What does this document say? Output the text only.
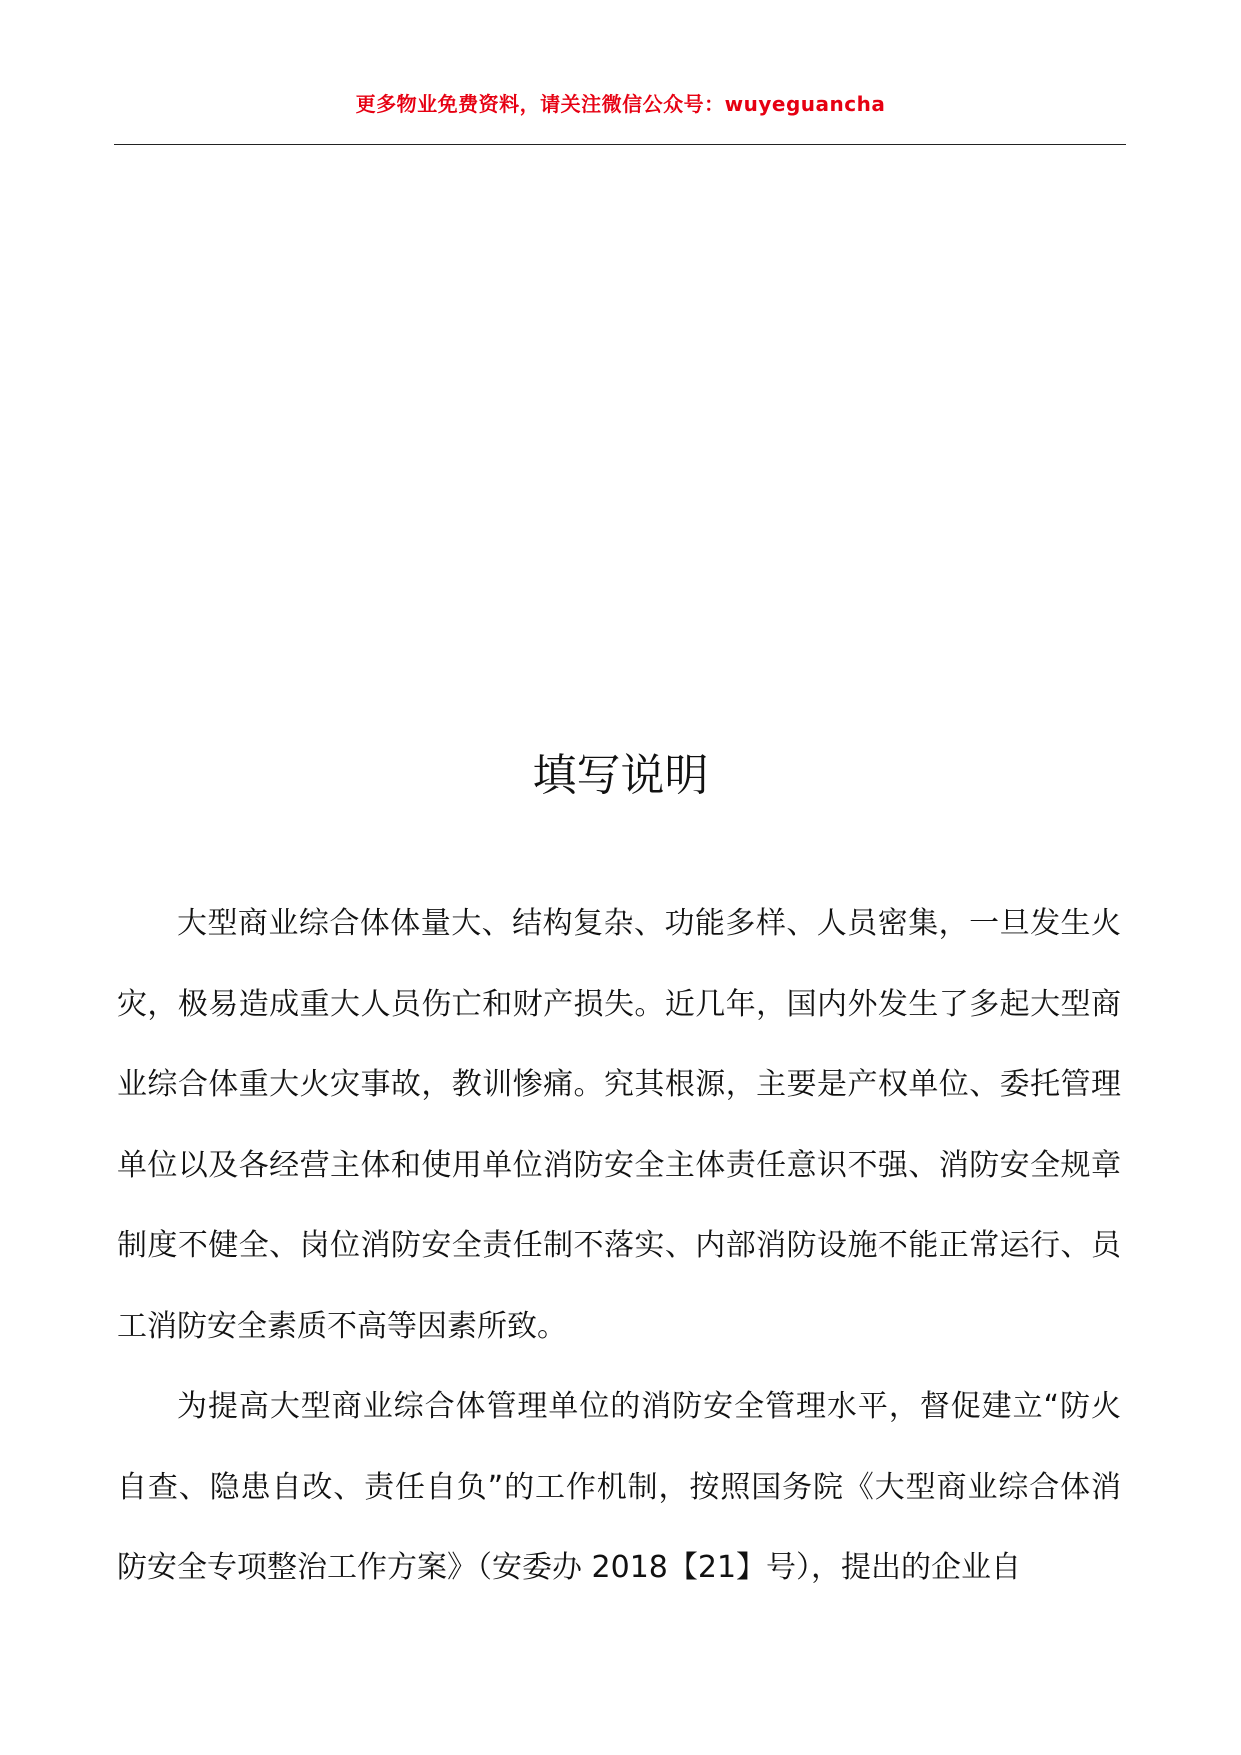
更多物业免费资料，请关注微信公众号：wuyeguancha
填写说明

大型商业综合体体量大、结构复杂、功能多样、人员密集，一旦发生火灾，极易造成重大人员伤亡和财产损失。近几年，国内外发生了多起大型商业综合体重大火灾事故，教训惨痛。究其根源，主要是产权单位、委托管理单位以及各经营主体和使用单位消防安全主体责任意识不强、消防安全规章制度不健全、岗位消防安全责任制不落实、内部消防设施不能正常运行、员工消防安全素质不高等因素所致。

为提高大型商业综合体管理单位的消防安全管理水平，督促建立“防火自查、隐患自改、责任自负”的工作机制，按照国务院《大型商业综合体消防安全专项整治工作方案》（安委办 2018【21】号），提出的企业自
